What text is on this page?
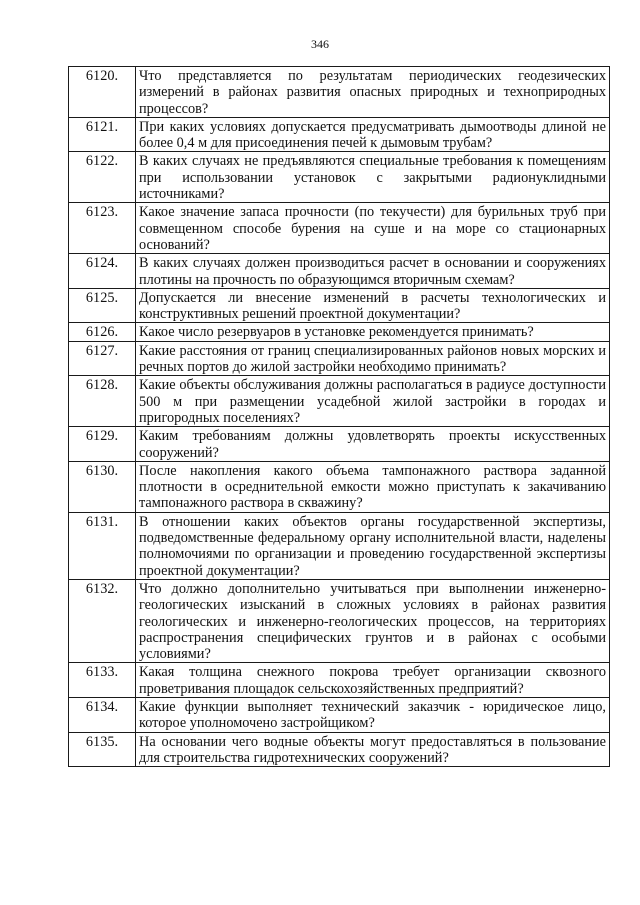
346
6120.	Что представляется по результатам периодических геодезических измерений в районах развития опасных природных и техноприродных процессов?
6121.	При каких условиях допускается предусматривать дымоотводы длиной не более 0,4 м для присоединения печей к дымовым трубам?
6122.	В каких случаях не предъявляются специальные требования к помещениям при использовании установок с закрытыми радионуклидными источниками?
6123.	Какое значение запаса прочности (по текучести) для бурильных труб при совмещенном способе бурения на суше и на море со стационарных оснований?
6124.	В каких случаях должен производиться расчет в основании и сооружениях плотины на прочность по образующимся вторичным схемам?
6125.	Допускается ли внесение изменений в расчеты технологических и конструктивных решений проектной документации?
6126.	Какое число резервуаров в установке рекомендуется принимать?
6127.	Какие расстояния от границ специализированных районов новых морских и речных портов до жилой застройки необходимо принимать?
6128.	Какие объекты обслуживания должны располагаться в радиусе доступности 500 м при размещении усадебной жилой застройки в городах и пригородных поселениях?
6129.	Каким требованиям должны удовлетворять проекты искусственных сооружений?
6130.	После накопления какого объема тампонажного раствора заданной плотности в осреднительной емкости можно приступать к закачиванию тампонажного раствора в скважину?
6131.	В отношении каких объектов органы государственной экспертизы, подведомственные федеральному органу исполнительной власти, наделены полномочиями по организации и проведению государственной экспертизы проектной документации?
6132.	Что должно дополнительно учитываться при выполнении инженерно-геологических изысканий в сложных условиях в районах развития геологических и инженерно-геологических процессов, на территориях распространения специфических грунтов и в районах с особыми условиями?
6133.	Какая толщина снежного покрова требует организации сквозного проветривания площадок сельскохозяйственных предприятий?
6134.	Какие функции выполняет технический заказчик - юридическое лицо, которое уполномочено застройщиком?
6135.	На основании чего водные объекты могут предоставляться в пользование для строительства гидротехнических сооружений?
